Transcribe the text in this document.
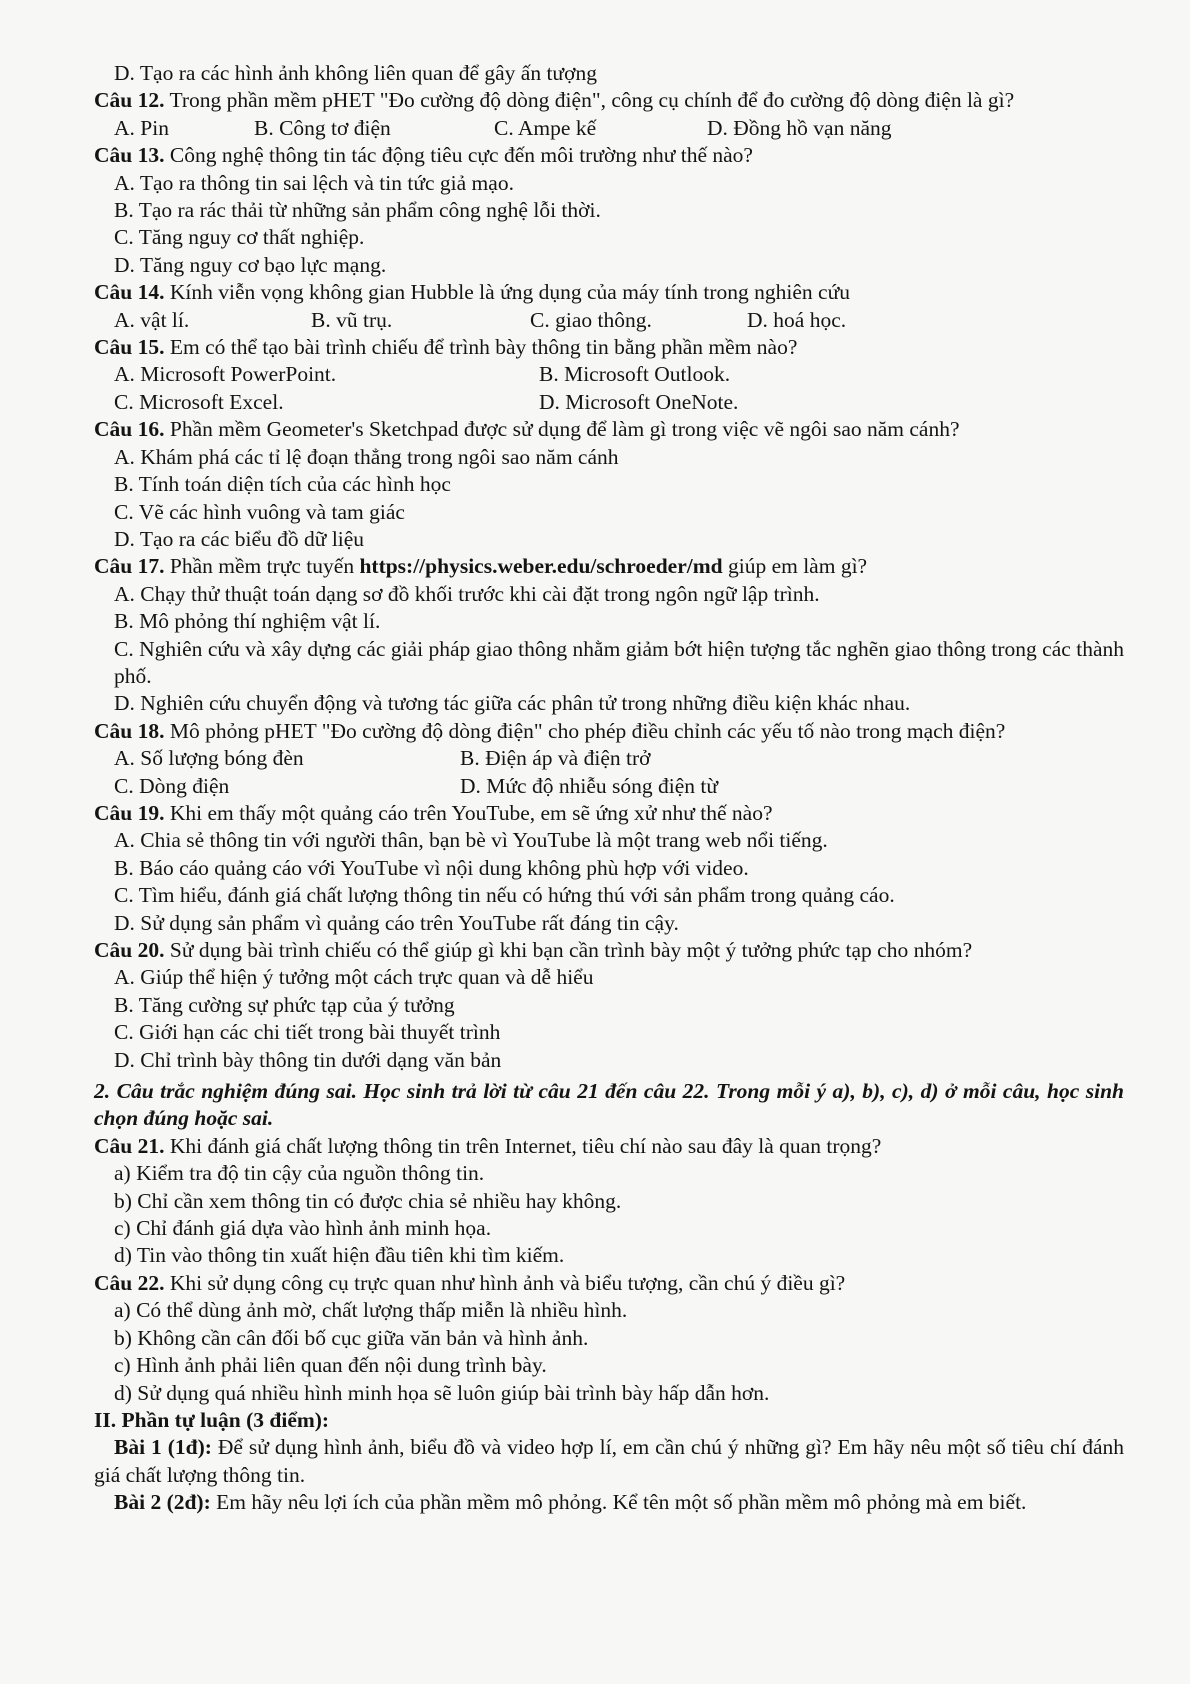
D. Tạo ra các hình ảnh không liên quan để gây ấn tượng
Câu 12. Trong phần mềm pHET "Đo cường độ dòng điện", công cụ chính để đo cường độ dòng điện là gì?
A. Pin	B. Công tơ điện	C. Ampe kế	D. Đồng hồ vạn năng
Câu 13. Công nghệ thông tin tác động tiêu cực đến môi trường như thế nào?
A. Tạo ra thông tin sai lệch và tin tức giả mạo.
B. Tạo ra rác thải từ những sản phẩm công nghệ lỗi thời.
C. Tăng nguy cơ thất nghiệp.
D. Tăng nguy cơ bạo lực mạng.
Câu 14. Kính viễn vọng không gian Hubble là ứng dụng của máy tính trong nghiên cứu
A. vật lí.	B. vũ trụ.	C. giao thông.	D. hoá học.
Câu 15. Em có thể tạo bài trình chiếu để trình bày thông tin bằng phần mềm nào?
A. Microsoft PowerPoint.	B. Microsoft Outlook.
C. Microsoft Excel.	D. Microsoft OneNote.
Câu 16. Phần mềm Geometer's Sketchpad được sử dụng để làm gì trong việc vẽ ngôi sao năm cánh?
A. Khám phá các tỉ lệ đoạn thẳng trong ngôi sao năm cánh
B. Tính toán diện tích của các hình học
C. Vẽ các hình vuông và tam giác
D. Tạo ra các biểu đồ dữ liệu
Câu 17. Phần mềm trực tuyến https://physics.weber.edu/schroeder/md giúp em làm gì?
A. Chạy thử thuật toán dạng sơ đồ khối trước khi cài đặt trong ngôn ngữ lập trình.
B. Mô phỏng thí nghiệm vật lí.
C. Nghiên cứu và xây dựng các giải pháp giao thông nhằm giảm bớt hiện tượng tắc nghẽn giao thông trong các thành phố.
D. Nghiên cứu chuyển động và tương tác giữa các phân tử trong những điều kiện khác nhau.
Câu 18. Mô phỏng pHET "Đo cường độ dòng điện" cho phép điều chỉnh các yếu tố nào trong mạch điện?
A. Số lượng bóng đèn	B. Điện áp và điện trở
C. Dòng điện	D. Mức độ nhiễu sóng điện từ
Câu 19. Khi em thấy một quảng cáo trên YouTube, em sẽ ứng xử như thế nào?
A. Chia sẻ thông tin với người thân, bạn bè vì YouTube là một trang web nổi tiếng.
B. Báo cáo quảng cáo với YouTube vì nội dung không phù hợp với video.
C. Tìm hiểu, đánh giá chất lượng thông tin nếu có hứng thú với sản phẩm trong quảng cáo.
D. Sử dụng sản phẩm vì quảng cáo trên YouTube rất đáng tin cậy.
Câu 20. Sử dụng bài trình chiếu có thể giúp gì khi bạn cần trình bày một ý tưởng phức tạp cho nhóm?
A. Giúp thể hiện ý tưởng một cách trực quan và dễ hiểu
B. Tăng cường sự phức tạp của ý tưởng
C. Giới hạn các chi tiết trong bài thuyết trình
D. Chỉ trình bày thông tin dưới dạng văn bản
2. Câu trắc nghiệm đúng sai. Học sinh trả lời từ câu 21 đến câu 22. Trong mỗi ý a), b), c), d) ở mỗi câu, học sinh chọn đúng hoặc sai.
Câu 21. Khi đánh giá chất lượng thông tin trên Internet, tiêu chí nào sau đây là quan trọng?
a) Kiểm tra độ tin cậy của nguồn thông tin.
b) Chỉ cần xem thông tin có được chia sẻ nhiều hay không.
c) Chỉ đánh giá dựa vào hình ảnh minh họa.
d) Tin vào thông tin xuất hiện đầu tiên khi tìm kiếm.
Câu 22. Khi sử dụng công cụ trực quan như hình ảnh và biểu tượng, cần chú ý điều gì?
a) Có thể dùng ảnh mờ, chất lượng thấp miễn là nhiều hình.
b) Không cần cân đối bố cục giữa văn bản và hình ảnh.
c) Hình ảnh phải liên quan đến nội dung trình bày.
d) Sử dụng quá nhiều hình minh họa sẽ luôn giúp bài trình bày hấp dẫn hơn.
II. Phần tự luận (3 điểm):
Bài 1 (1đ): Để sử dụng hình ảnh, biểu đồ và video hợp lí, em cần chú ý những gì? Em hãy nêu một số tiêu chí đánh giá chất lượng thông tin.
Bài 2 (2đ): Em hãy nêu lợi ích của phần mềm mô phỏng. Kể tên một số phần mềm mô phỏng mà em biết.
